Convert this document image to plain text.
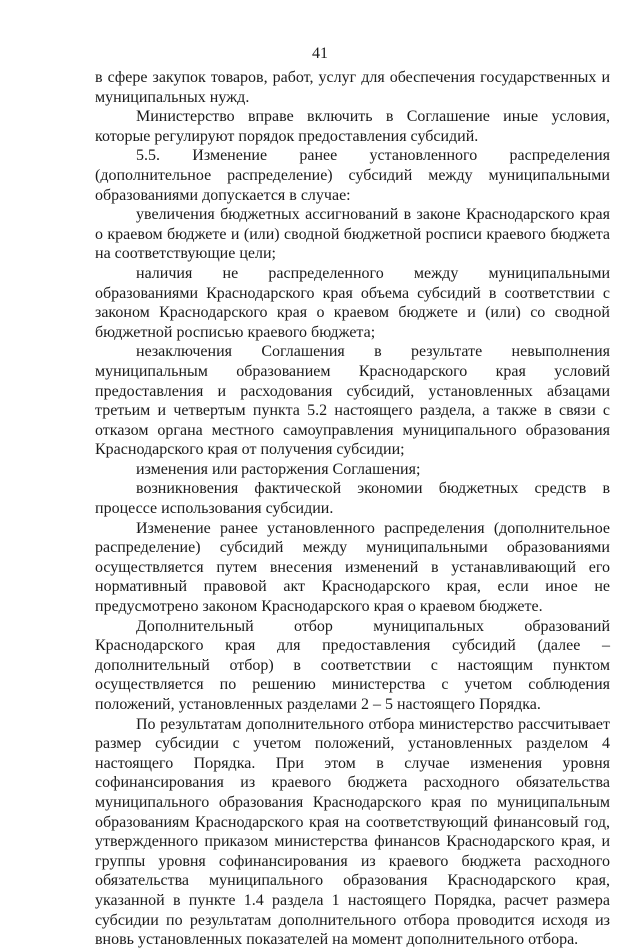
41

в сфере закупок товаров, работ, услуг для обеспечения государственных и муниципальных нужд.

Министерство вправе включить в Соглашение иные условия, которые регулируют порядок предоставления субсидий.

5.5. Изменение ранее установленного распределения (дополнительное распределение) субсидий между муниципальными образованиями допускается в случае:

увеличения бюджетных ассигнований в законе Краснодарского края о краевом бюджете и (или) сводной бюджетной росписи краевого бюджета на соответствующие цели;

наличия не распределенного между муниципальными образованиями Краснодарского края объема субсидий в соответствии с законом Краснодарского края о краевом бюджете и (или) со сводной бюджетной росписью краевого бюджета;

незаключения Соглашения в результате невыполнения муниципальным образованием Краснодарского края условий предоставления и расходования субсидий, установленных абзацами третьим и четвертым пункта 5.2 настоящего раздела, а также в связи с отказом органа местного самоуправления муниципального образования Краснодарского края от получения субсидии;

изменения или расторжения Соглашения;

возникновения фактической экономии бюджетных средств в процессе использования субсидии.

Изменение ранее установленного распределения (дополнительное распределение) субсидий между муниципальными образованиями осуществляется путем внесения изменений в устанавливающий его нормативный правовой акт Краснодарского края, если иное не предусмотрено законом Краснодарского края о краевом бюджете.

Дополнительный отбор муниципальных образований Краснодарского края для предоставления субсидий (далее – дополнительный отбор) в соответствии с настоящим пунктом осуществляется по решению министерства с учетом соблюдения положений, установленных разделами 2 – 5 настоящего Порядка.

По результатам дополнительного отбора министерство рассчитывает размер субсидии с учетом положений, установленных разделом 4 настоящего Порядка. При этом в случае изменения уровня софинансирования из краевого бюджета расходного обязательства муниципального образования Краснодарского края по муниципальным образованиям Краснодарского края на соответствующий финансовый год, утвержденного приказом министерства финансов Краснодарского края, и группы уровня софинансирования из краевого бюджета расходного обязательства муниципального образования Краснодарского края, указанной в пункте 1.4 раздела 1 настоящего Порядка, расчет размера субсидии по результатам дополнительного отбора проводится исходя из вновь установленных показателей на момент дополнительного отбора.
